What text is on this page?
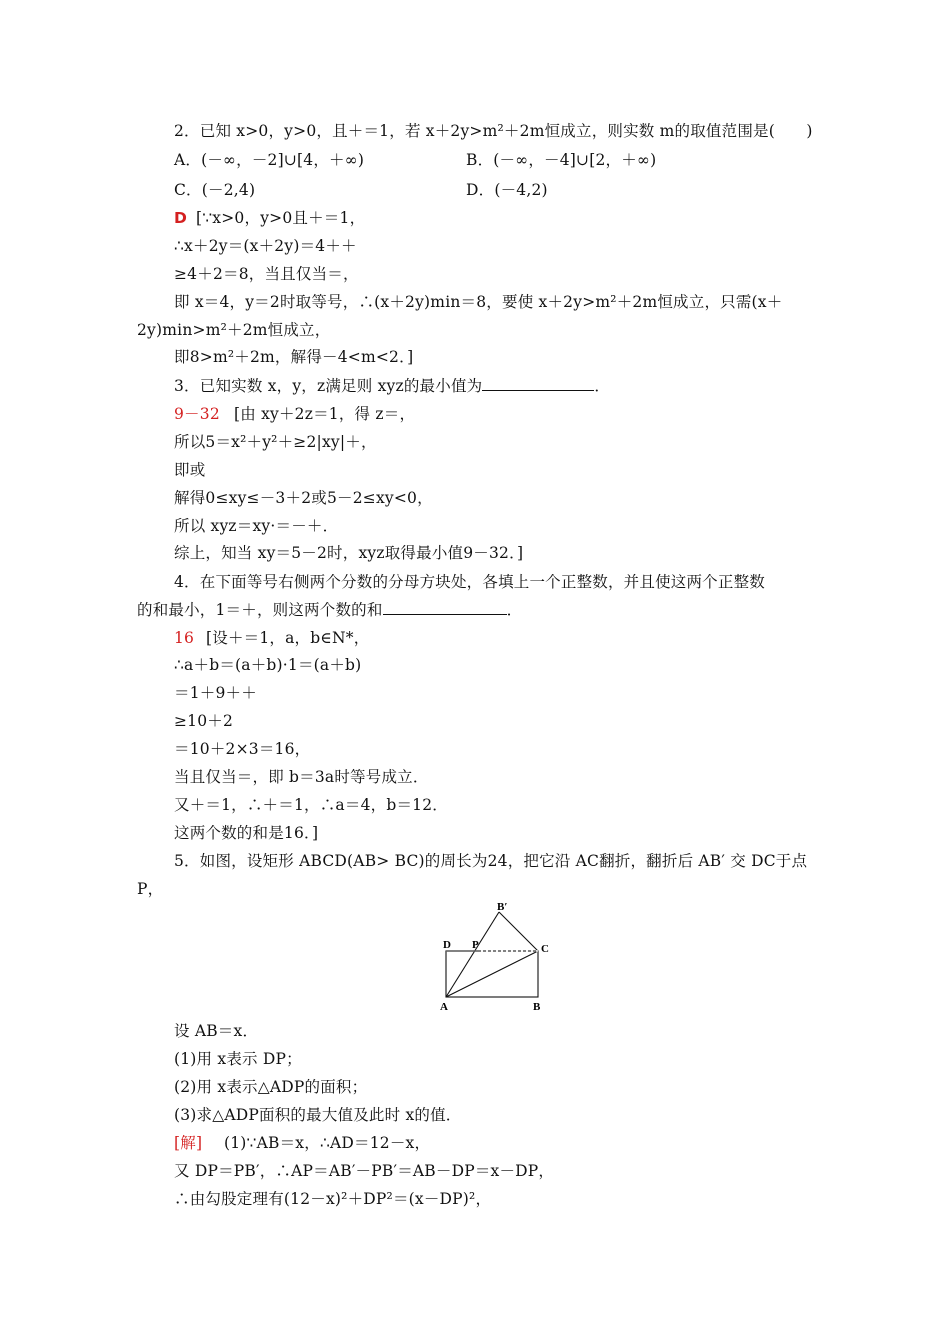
2．已知 x>0，y>0，且＋＝1，若 x＋2y>m²＋2m恒成立，则实数 m的取值范围是(　　)
A．(－∞，－2]∪[4，＋∞)	B．(－∞，－4]∪[2，＋∞)
C．(－2,4)	D．(－4,2)
D [∵x>0，y>0且＋＝1，
∴x＋2y＝(x＋2y)＝4＋＋
≥4＋2＝8，当且仅当＝，
即 x＝4，y＝2时取等号，∴(x＋2y)min＝8，要使 x＋2y>m²＋2m恒成立，只需(x＋
2y)min>m²＋2m恒成立，
即8>m²＋2m，解得－4<m<2．]
3．已知实数 x，y，z满足则 xyz的最小值为	．
9－32 [由 xy＋2z＝1，得 z＝，
所以5＝x²＋y²＋≥2|xy|＋，
即或
解得0≤xy≤－3＋2或5－2≤xy<0，
所以 xyz＝xy·＝－＋．
综上，知当 xy＝5－2时，xyz取得最小值9－32．]
4．在下面等号右侧两个分数的分母方块处，各填上一个正整数，并且使这两个正整数
的和最小，1＝＋，则这两个数的和	．
16 [设＋＝1，a，b∈N*，
∴a＋b＝(a＋b)·1＝(a＋b)
＝1＋9＋＋
≥10＋2
＝10＋2×3＝16，
当且仅当＝，即 b＝3a时等号成立．
又＋＝1，∴＋＝1，∴a＝4，b＝12．
这两个数的和是16．]
5．如图，设矩形 ABCD(AB> BC)的周长为24，把它沿 AC翻折，翻折后 AB′ 交 DC于点
P，
B′
D P	C
A	B
设 AB＝x．
(1)用 x表示 DP；
(2)用 x表示△ADP的面积；
(3)求△ADP面积的最大值及此时 x的值．
[解] (1)∵AB＝x，∴AD＝12－x，
又 DP＝PB′，∴AP＝AB′－PB′＝AB－DP＝x－DP，
∴由勾股定理有(12－x)²＋DP²＝(x－DP)²，
